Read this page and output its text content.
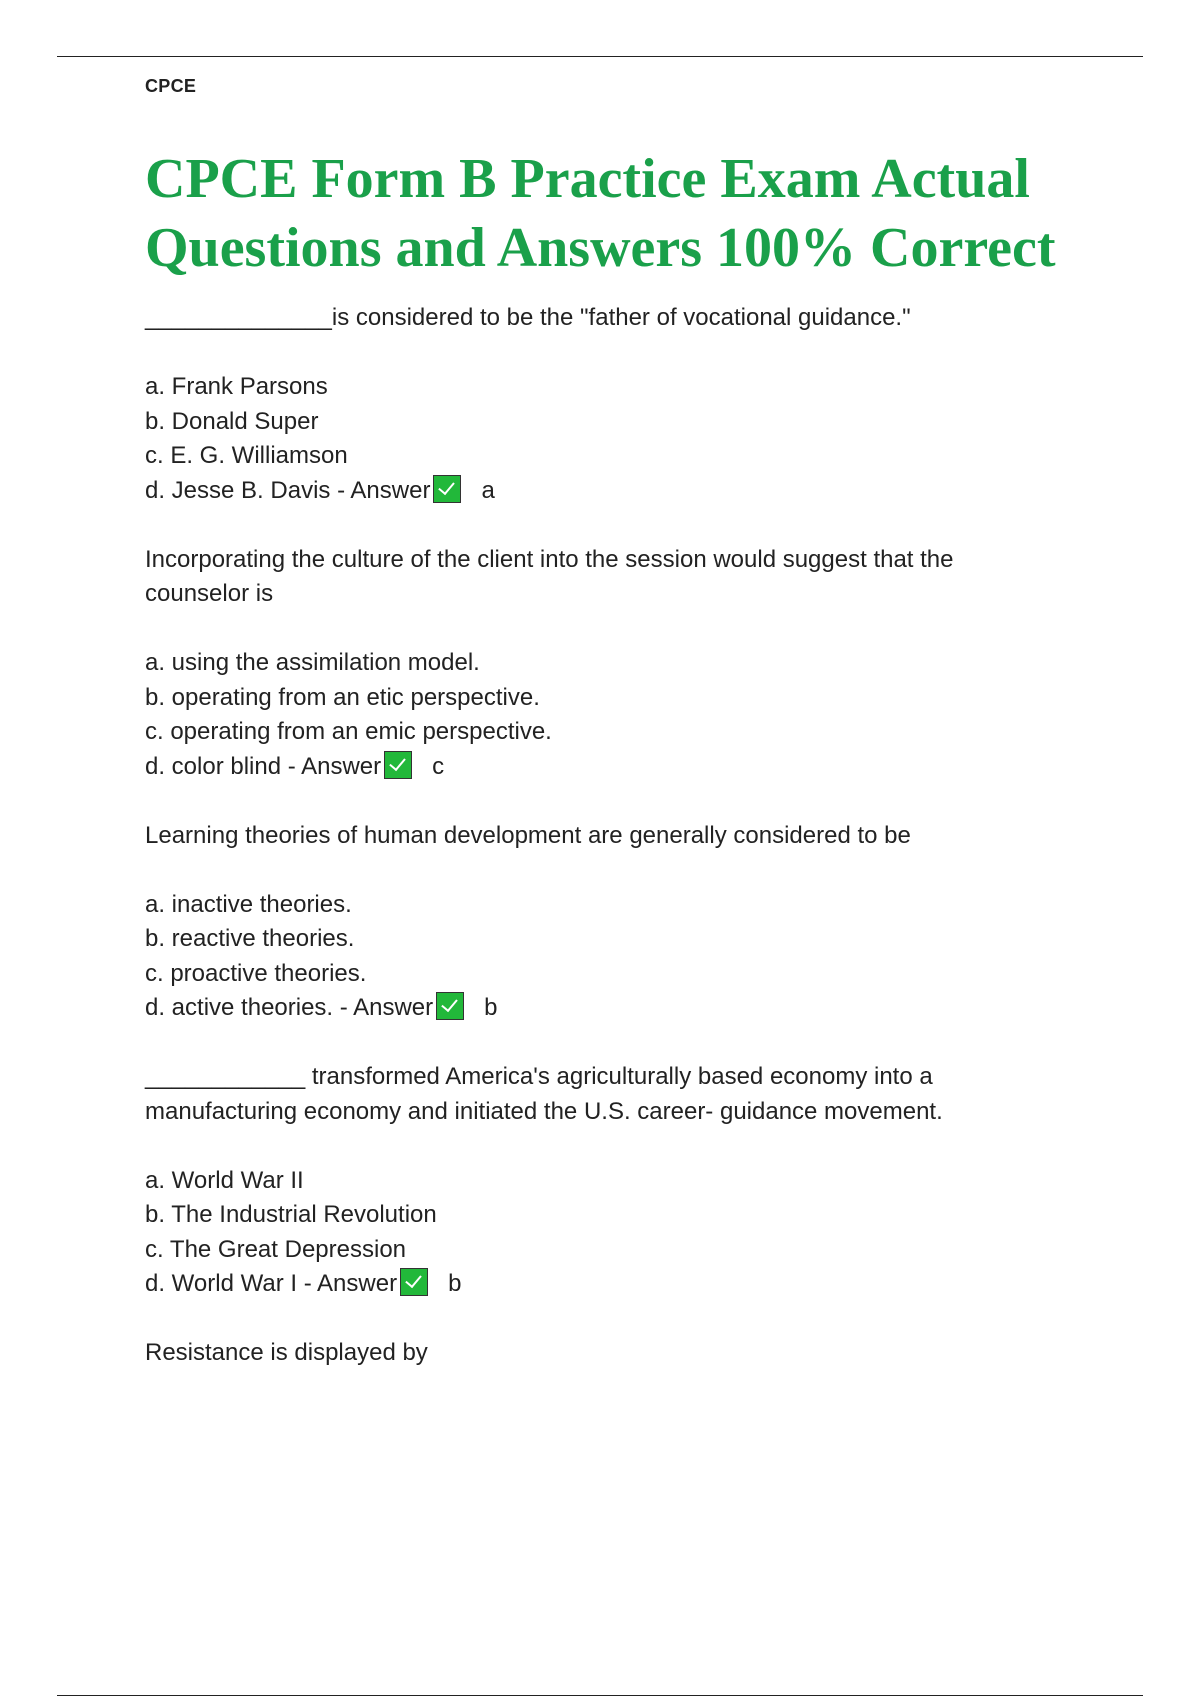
CPCE
CPCE Form B Practice Exam Actual Questions and Answers 100% Correct

______________is considered to be the "father of vocational guidance."

a. Frank Parsons
b. Donald Super
c. E. G. Williamson
d. Jesse B. Davis - Answer a

Incorporating the culture of the client into the session would suggest that the counselor is

a. using the assimilation model.
b. operating from an etic perspective.
c. operating from an emic perspective.
d. color blind - Answer c

Learning theories of human development are generally considered to be

a. inactive theories.
b. reactive theories.
c. proactive theories.
d. active theories. - Answer b

____________ transformed America's agriculturally based economy into a manufacturing economy and initiated the U.S. career- guidance movement.

a. World War II
b. The Industrial Revolution
c. The Great Depression
d. World War I - Answer b

Resistance is displayed by
